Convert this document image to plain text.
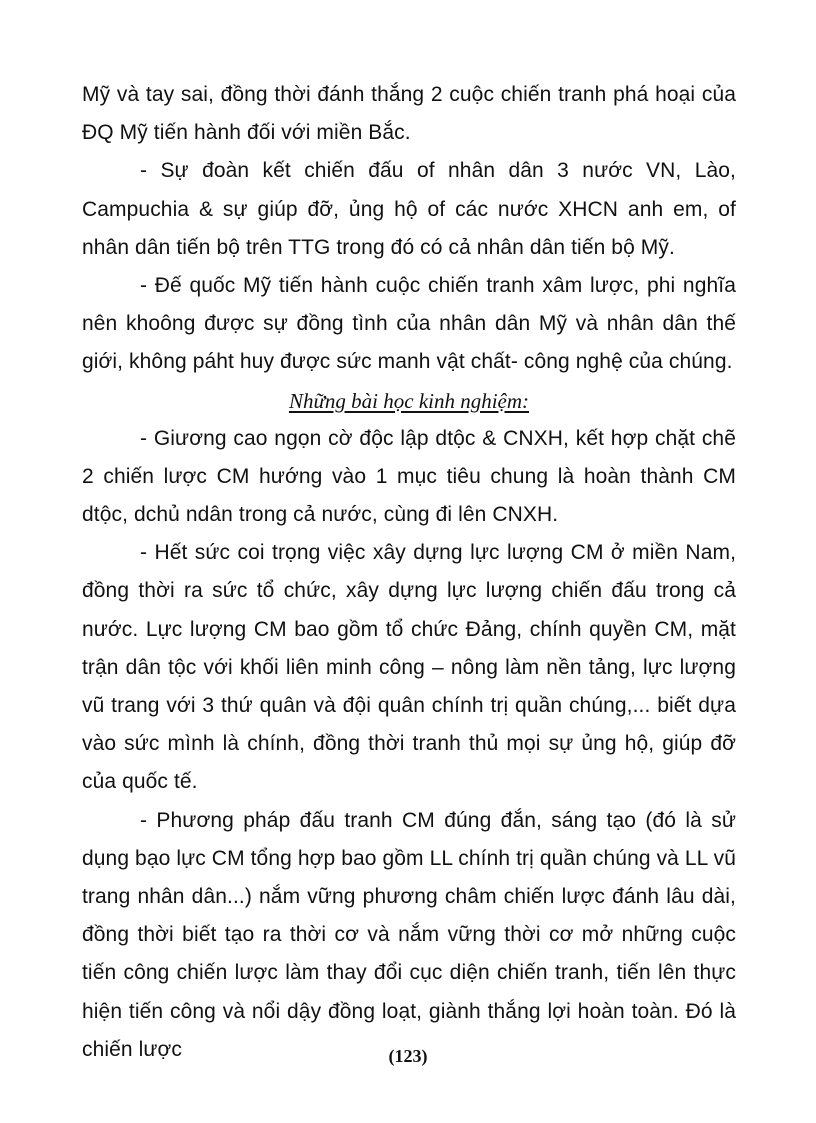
Mỹ và tay sai, đồng thời đánh thắng 2 cuộc chiến tranh phá hoại của ĐQ Mỹ tiến hành đối với miền Bắc.

- Sự đoàn kết chiến đấu of nhân dân 3 nước VN, Lào, Campuchia & sự giúp đỡ, ủng hộ of các nước XHCN anh em, of nhân dân tiến bộ trên TTG trong đó có cả nhân dân tiến bộ Mỹ.

- Đế quốc Mỹ tiến hành cuộc chiến tranh xâm lược, phi nghĩa nên khoông được sự đồng tình của nhân dân Mỹ và nhân dân thế giới, không páht huy được sức manh vật chất- công nghệ của chúng.

Những bài học kinh nghiệm:

- Giương cao ngọn cờ độc lập dtộc & CNXH, kết hợp chặt chẽ 2 chiến lược CM hướng vào 1 mục tiêu chung là hoàn thành CM dtộc, dchủ ndân trong cả nước, cùng đi lên CNXH.

- Hết sức coi trọng việc xây dựng lực lượng CM ở miền Nam, đồng thời ra sức tổ chức, xây dựng lực lượng chiến đấu trong cả nước. Lực lượng CM bao gồm tổ chức Đảng, chính quyền CM, mặt trận dân tộc với khối liên minh công – nông làm nền tảng, lực lượng vũ trang với 3 thứ quân và đội quân chính trị quần chúng,... biết dựa vào sức mình là chính, đồng thời tranh thủ mọi sự ủng hộ, giúp đỡ của quốc tế.

- Phương pháp đấu tranh CM đúng đắn, sáng tạo (đó là sử dụng bạo lực CM tổng hợp bao gồm LL chính trị quần chúng và LL vũ trang nhân dân...) nắm vững phương châm chiến lược đánh lâu dài, đồng thời biết tạo ra thời cơ và nắm vững thời cơ mở những cuộc tiến công chiến lược làm thay đổi cục diện chiến tranh, tiến lên thực hiện tiến công và nổi dậy đồng loạt, giành thắng lợi hoàn toàn. Đó là chiến lược	(123)
